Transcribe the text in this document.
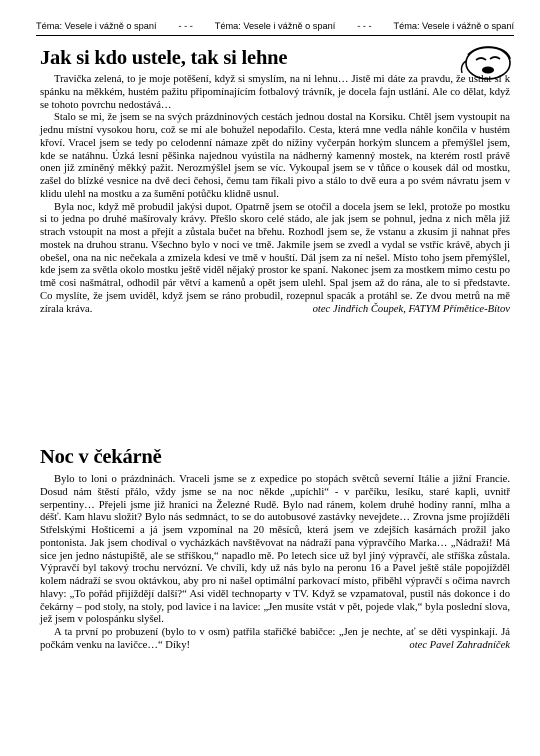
Téma: Vesele i vážně o spaní - - - Téma: Vesele i vážně o spaní - - - Téma: Vesele i vážně o spaní
Jak si kdo ustele, tak si lehne

Travička zelená, to je moje potěšení, když si smyslím, na ni lehnu… Jistě mi dáte za pravdu, že ustlat si k spánku na měkkém, hustém pažitu připomínajícím fotbalový trávník, je docela fajn ustlání. Ale co dělat, když se tohoto povrchu nedostává…

Stalo se mi, že jsem se na svých prázdninových cestách jednou dostal na Korsiku. Chtěl jsem vystoupit na jednu místní vysokou horu, což se mi ale bohužel nepodařilo. Cesta, která mne vedla náhle končila v hustém křoví. Vracel jsem se tedy po celodenní námaze zpět do nížiny vyčerpán horkým sluncem a přemýšlel jsem, kde se natáhnu. Úzká lesní pěšinka najednou vyústila na nádherný kamenný mostek, na kterém rostl právě onen již zmíněný měkký pažit. Nerozmýšlel jsem se víc. Vykoupal jsem se v tůňce o kousek dál od mostku, zašel do blízké vesnice na dvě deci čehosi, čemu tam říkali pivo a stálo to dvě eura a po svém návratu jsem v klidu ulehl na mostku a za šumění potůčku klidně usnul.

Byla noc, když mě probudil jakýsi dupot. Opatrně jsem se otočil a docela jsem se lekl, protože po mostku si to jedna po druhé mašírovaly krávy. Přešlo skoro celé stádo, ale jak jsem se pohnul, jedna z nich měla již strach vstoupit na most a přejít a zůstala bučet na břehu. Rozhodl jsem se, že vstanu a zkusím ji nahnat přes mostek na druhou stranu. Všechno bylo v noci ve tmě. Jakmile jsem se zvedl a vydal se vstříc krávě, abych ji obešel, ona na nic nečekala a zmizela kdesi ve tmě v houští. Dál jsem za ní nešel. Místo toho jsem přemýšlel, kde jsem za světla okolo mostku ještě viděl nějaký prostor ke spaní. Nakonec jsem za mostkem mimo cestu po tmě cosi našmátral, odhodil pár větví a kamenů a opět jsem ulehl. Spal jsem až do rána, ale to si představte. Co myslíte, že jsem uviděl, když jsem se ráno probudil, rozepnul spacák a protáhl se. Ze dvou metrů na mě zírala kráva.	otec Jindřich Čoupek, FATYM Přímětice-Bítov

Noc v čekárně

Bylo to loni o prázdninách. Vraceli jsme se z expedice po stopách světců severní Itálie a jižní Francie. Dosud nám štěstí přálo, vždy jsme se na noc někde „upíchli“ - v parčíku, lesíku, staré kapli, uvnitř serpentiny… Přejeli jsme již hranici na Železné Rudě. Bylo nad ránem, kolem druhé hodiny ranní, mlha a déšť. Kam hlavu složit? Bylo nás sedmnáct, to se do autobusové zastávky nevejdete… Zrovna jsme projížděli Střelskými Hošticemi a já jsem vzpomínal na 20 měsíců, která jsem ve zdejších kasárnách prožil jako pontonista. Jak jsem chodíval o vycházkách navštěvovat na nádraží pana výpravčího Marka… „Nádraží! Má sice jen jedno nástupiště, ale se stříškou,“ napadlo mě. Po letech sice už byl jiný výpravčí, ale stříška zůstala. Výpravčí byl takový trochu nervózní. Ve chvíli, kdy už nás bylo na peronu 16 a Pavel ještě stále popojížděl kolem nádraží se svou oktávkou, aby pro ni našel optimální parkovací místo, přiběhl výpravčí s očima navrch hlavy: „To pořád přijíždějí další?“ Asi viděl technoparty v TV. Když se vzpamatoval, pustil nás dokonce i do čekárny – pod stoly, na stoly, pod lavice i na lavice: „Jen musíte vstát v pět, pojede vlak,“ byla poslední slova, jež jsem v polospánku slyšel.

A ta první po probuzení (bylo to v osm) patřila stařičké babičce: „Jen je nechte, ať se děti vyspinkají. Já počkám venku na lavičce…“ Díky!	otec Pavel Zahradníček
